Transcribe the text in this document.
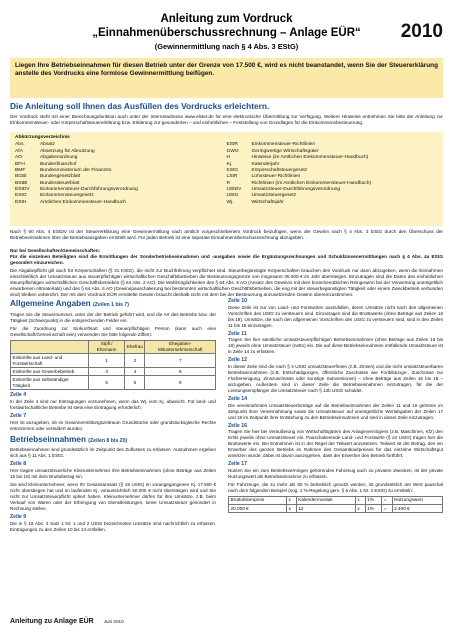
Anleitung zum Vordruck
„Einnahmenüberschussrechnung – Anlage EÜR“
(Gewinnermittlung nach § 4 Abs. 3 EStG)
2010

Liegen Ihre Betriebseinnahmen für diesen Betrieb unter der Grenze von 17.500 €, wird es nicht beanstandet, wenn Sie der Steuererklärung anstelle des Vordrucks eine formlose Gewinnermittlung beifügen.

Die Anleitung soll Ihnen das Ausfüllen des Vordrucks erleichtern.
Der Vordruck steht mit einer Berechnungsfunktion auch unter der Internetadresse www.elster.de für eine elektronische Übermittlung zur Verfügung. Weitere Hinweise entnehmen Sie bitte der Anleitung zur Einkommensteuer- oder Körperschaftsteuererklärung bzw. Erklärung zur gesonderten – und einheitlichen – Feststellung von Grundlagen für die Einkommensbesteuerung.
Abkürzungsverzeichnis
Abs.	Absatz
AfA	Absetzung für Abnutzung
AO	Abgabenordnung
BFH	Bundesfinanzhof
BMF	Bundesministerium der Finanzen
BGBl	Bundesgesetzblatt
BStBl	Bundessteuerblatt
EStDV	Einkommensteuer-Durchführungsverordnung
EStG	Einkommensteuergesetz
EStH	Amtliches Einkommensteuer-Handbuch
EStR	Einkommensteuer-Richtlinien
GWG	Geringwertige Wirtschaftsgüter
H	Hinweise (im Amtlichen Einkommensteuer-Handbuch)
Kj.	Kalenderjahr
KStG	Körperschaftsteuergesetz
LStR	Lohnsteuer-Richtlinien
R	Richtlinien (im Amtlichen Einkommensteuer-Handbuch)
UStDV	Umsatzsteuer-Durchführungsverordnung
UStG	Umsatzsteuergesetz
Wj.	Wirtschaftsjahr
Nach § 60 Abs. 4 EStDV ist der Steuererklärung eine Gewinnermittlung nach amtlich vorgeschriebenem Vordruck beizufügen, wenn der Gewinn nach § 4 Abs. 3 EStG durch den Überschuss der Betriebseinnahmen über die Betriebsausgaben ermittelt wird. Für jeden Betrieb ist eine separate Einnahmenüberschussrechnung abzugeben.
Nur bei Gesellschaften/Gemeinschaften:
Für die einzelnen Beteiligten sind die Ermittlungen der Sonderbetriebseinnahmen und -ausgaben sowie die Ergänzungsrechnungen und Schuldzinsenermittlungen nach § 4 Abs. 4a EStG gesondert einzureichen.
Die Abgabepflicht gilt auch für Körperschaften (§ 31 KStG), die nicht zur Buchführung verpflichtet sind. Steuerbegünstigte Körperschaften brauchen den Vordruck nur dann abzugeben, wenn die Einnahmen einschließlich der Umsatzsteuer aus steuerpflichtigen wirtschaftlichen Geschäftsbetrieben die Besteuerungsgrenze von insgesamt 35.000 € im Jahr übersteigen. Einzutragen sind die Daten des einheitlichen steuerpflichtigen wirtschaftlichen Geschäftsbetriebes (§ 64 Abs. 2 AO). Die Wahlmöglichkeiten des § 64 Abs. 5 AO (Ansatz des Gewinns mit dem branchenüblichen Reingewinn bei der Verwertung unentgeltlich erworbenen Altmaterials) und des § 64 Abs. 6 AO (Gewinnpauschalierung bei bestimmten wirtschaftlichen Geschäftsbetrieben, die eng mit der steuerbegünstigten Tätigkeit oder einem Zweckbetrieb verbunden sind) bleiben unberührt. Der mit dem Vordruck EÜR ermittelte Gewinn braucht deshalb nicht mit dem bei der Besteuerung anzusetzenden Gewinn übereinzustimmen.
Allgemeine Angaben (Zeilen 1 bis 7)
Tragen Sie die Steuernummer, unter der der Betrieb geführt wird, und die Art des Betriebs bzw. der Tätigkeit (Schwerpunkt) in die entsprechenden Felder ein.
Für die Zuordnung zur Einkunftsart und steuerpflichtigen Person (kann auch eine Gesellschaft/Gemeinschaft sein) verwenden Sie bitte folgende Ziffern:
	Stpfl./ Ehemann	Ehefrau	Ehegatten-Mitunternehmerschaft
Einkünfte aus Land- und Forstwirtschaft	1	2	7
Einkünfte aus Gewerbebetrieb	3	4	8
Einkünfte aus selbständiger Tätigkeit	5	6	9
Zeile 4
In der Zeile 4 sind nur Eintragungen vorzunehmen, wenn das Wj. vom Kj. abweicht. Für land- und forstwirtschaftliche Betriebe ist stets eine Eintragung erforderlich.
Zeile 7
Hier ist anzugeben, ob im Gewinnermittlungszeitraum Grundstücke oder grundstücksgleiche Rechte entnommen oder veräußert wurden.
Betriebseinnahmen (Zeilen 8 bis 20)
Betriebseinnahmen sind grundsätzlich im Zeitpunkt des Zuflusses zu erfassen. Ausnahmen ergeben sich aus § 11 Abs. 1 EStG.
Zeile 8
Hier tragen umsatzsteuerliche Kleinunternehmer ihre Betriebseinnahmen (ohne Beträge aus Zeilen 15 bis 18) mit dem Bruttobetrag ein.
Sie sind Kleinunternehmer, wenn Ihr Gesamtumsatz (§ 19 UStG) im vorangegangenen Kj. 17.500 € nicht überstiegen hat und im laufenden Kj. voraussichtlich 50.000 € nicht übersteigen wird und Sie nicht zur Umsatzsteuerpflicht optiert haben. Kleinunternehmer dürfen für ihre Umsätze, z.B. beim Verkauf von Waren oder der Erbringung von Dienstleistungen, keine Umsatzsteuer gesondert in Rechnung stellen.
Zeile 9
Die in § 19 Abs. 3 Satz 1 Nr. 1 und 2 UStG bezeichneten Umsätze sind nachrichtlich zu erfassen. Eintragungen zu den Zeilen 10 bis 14 entfallen.
Zeile 10
Diese Zeile ist nur von Land- und Forstwirten auszufüllen, deren Umsätze nicht nach den allgemeinen Vorschriften des UStG zu versteuern sind. Einzutragen sind die Bruttowerte (ohne Beträge aus Zeilen 16 bis 18). Umsätze, die nach den allgemeinen Vorschriften des UStG zu versteuern sind, sind in den Zeilen 11 bis 18 einzutragen.
Zeile 11
Tragen Sie hier sämtliche umsatzsteuerpflichtigen Betriebseinnahmen (ohne Beträge aus Zeilen 16 bis 18) jeweils ohne Umsatzsteuer (netto) ein. Die auf diese Betriebseinnahmen entfallende Umsatzsteuer ist in Zeile 14 zu erfassen.
Zeile 12
In dieser Zeile sind die nach § 4 UStG umsatzsteuerfreien (z.B. Zinsen) und die nicht umsatzsteuerbaren Betriebseinnahmen (z.B. Entschädigungen, öffentliche Zuschüsse wie Fortbildungs-, Zuschüsse zur Flurbereinigung, Zinszuschüsse oder sonstige Subventionen) – ohne Beträge aus Zeilen 16 bis 18 – anzugeben. Außerdem sind in dieser Zeile die Betriebseinnahmen einzutragen, für die der Leistungsempfänger die Umsatzsteuer nach § 13b UStG schuldet.
Zeile 14
Die vereinnahmten Umsatzsteuerbeträge auf die Betriebseinnahmen der Zeilen 11 und 16 gehören im Zeitpunkt ihrer Vereinnahmung sowie die Umsatzsteuer auf unentgeltliche Wertabgaben der Zeilen 17 und 18 im Zeitpunkt ihrer Entstehung zu den Betriebseinnahmen und sind in dieser Zeile einzutragen.
Zeile 16
Tragen Sie hier bei Veräußerung von Wirtschaftsgütern des Anlagevermögens (z.B. Maschinen, Kfz) den Erlös jeweils ohne Umsatzsteuer ein. Pauschalierende Land- und Forstwirte (§ 24 UStG) tragen hier die Bruttowerte ein. Bei Entnahmen ist in der Regel der Teilwert anzusetzen. Teilwert ist der Betrag, den ein Erwerber des ganzen Betriebs im Rahmen des Gesamtkaufpreises für das einzelne Wirtschaftsgut ansetzen würde; dabei ist davon auszugehen, dass der Erwerber den Betrieb fortführt.
Zeile 17
Nutzen Sie ein zum Betriebsvermögen gehörendes Fahrzeug auch zu privaten Zwecken, ist der private Nutzungswert als Betriebseinnahme zu erfassen.
Für Fahrzeuge, die zu mehr als 50 % betrieblich genutzt werden, ist grundsätzlich der Wert pauschal nach dem folgenden Beispiel (sog. 1 %-Regelung gem. § 6 Abs. 1 Nr. 4 EStG) zu ermitteln:
Bruttolistenpreis	x	Kalendermonate	x	1%	=	Nutzungswert
20.000 €	x	12	x	1%	=	2.400 €
Anleitung zu Anlage EÜR Juni 2010
